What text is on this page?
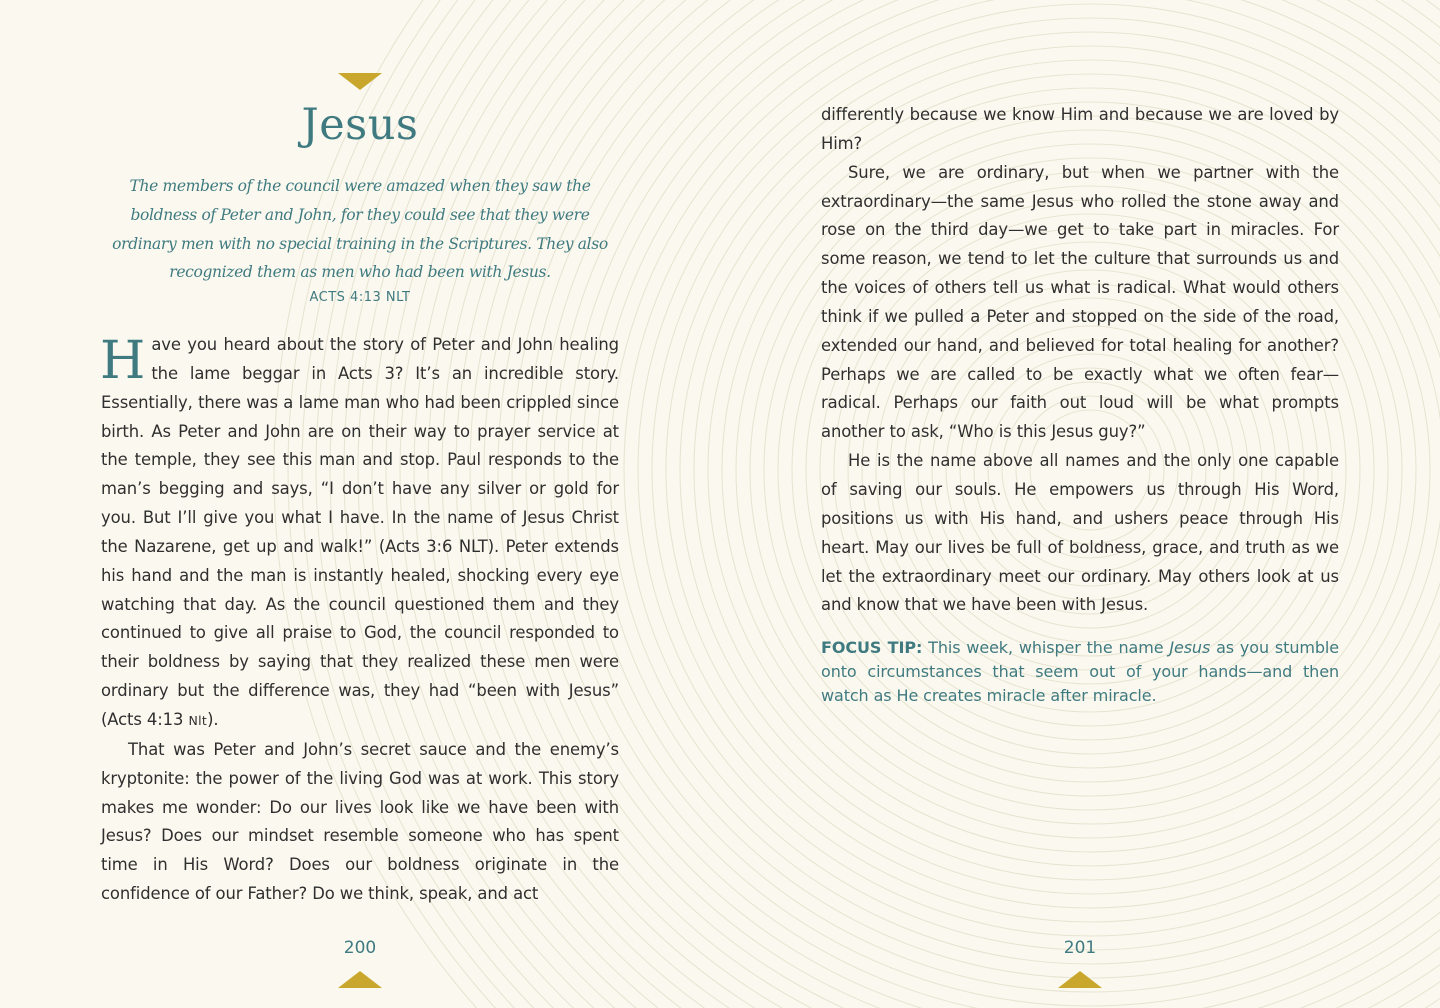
Jesus

The members of the council were amazed when they saw the boldness of Peter and John, for they could see that they were ordinary men with no special training in the Scriptures. They also recognized them as men who had been with Jesus.

ACTS 4:13 NLT

Have you heard about the story of Peter and John healing the lame beggar in Acts 3? It’s an incredible story. Essentially, there was a lame man who had been crippled since birth. As Peter and John are on their way to prayer service at the temple, they see this man and stop. Paul responds to the man’s begging and says, “I don’t have any silver or gold for you. But I’ll give you what I have. In the name of Jesus Christ the Nazarene, get up and walk!” (Acts 3:6 NLT). Peter extends his hand and the man is instantly healed, shocking every eye watching that day. As the council questioned them and they continued to give all praise to God, the council responded to their boldness by saying that they realized these men were ordinary but the difference was, they had “been with Jesus” (Acts 4:13 Nlt).

That was Peter and John’s secret sauce and the enemy’s kryptonite: the power of the living God was at work. This story makes me wonder: Do our lives look like we have been with Jesus? Does our mindset resemble someone who has spent time in His Word? Does our boldness originate in the confidence of our Father? Do we think, speak, and act

200

differently because we know Him and because we are loved by Him?

Sure, we are ordinary, but when we partner with the extraordinary—the same Jesus who rolled the stone away and rose on the third day—we get to take part in miracles. For some reason, we tend to let the culture that surrounds us and the voices of others tell us what is radical. What would others think if we pulled a Peter and stopped on the side of the road, extended our hand, and believed for total healing for another? Perhaps we are called to be exactly what we often fear—radical. Perhaps our faith out loud will be what prompts another to ask, “Who is this Jesus guy?”

He is the name above all names and the only one capable of saving our souls. He empowers us through His Word, positions us with His hand, and ushers peace through His heart. May our lives be full of boldness, grace, and truth as we let the extraordinary meet our ordinary. May others look at us and know that we have been with Jesus.

FOCUS TIP: This week, whisper the name Jesus as you stumble onto circumstances that seem out of your hands—and then watch as He creates miracle after miracle.

201
